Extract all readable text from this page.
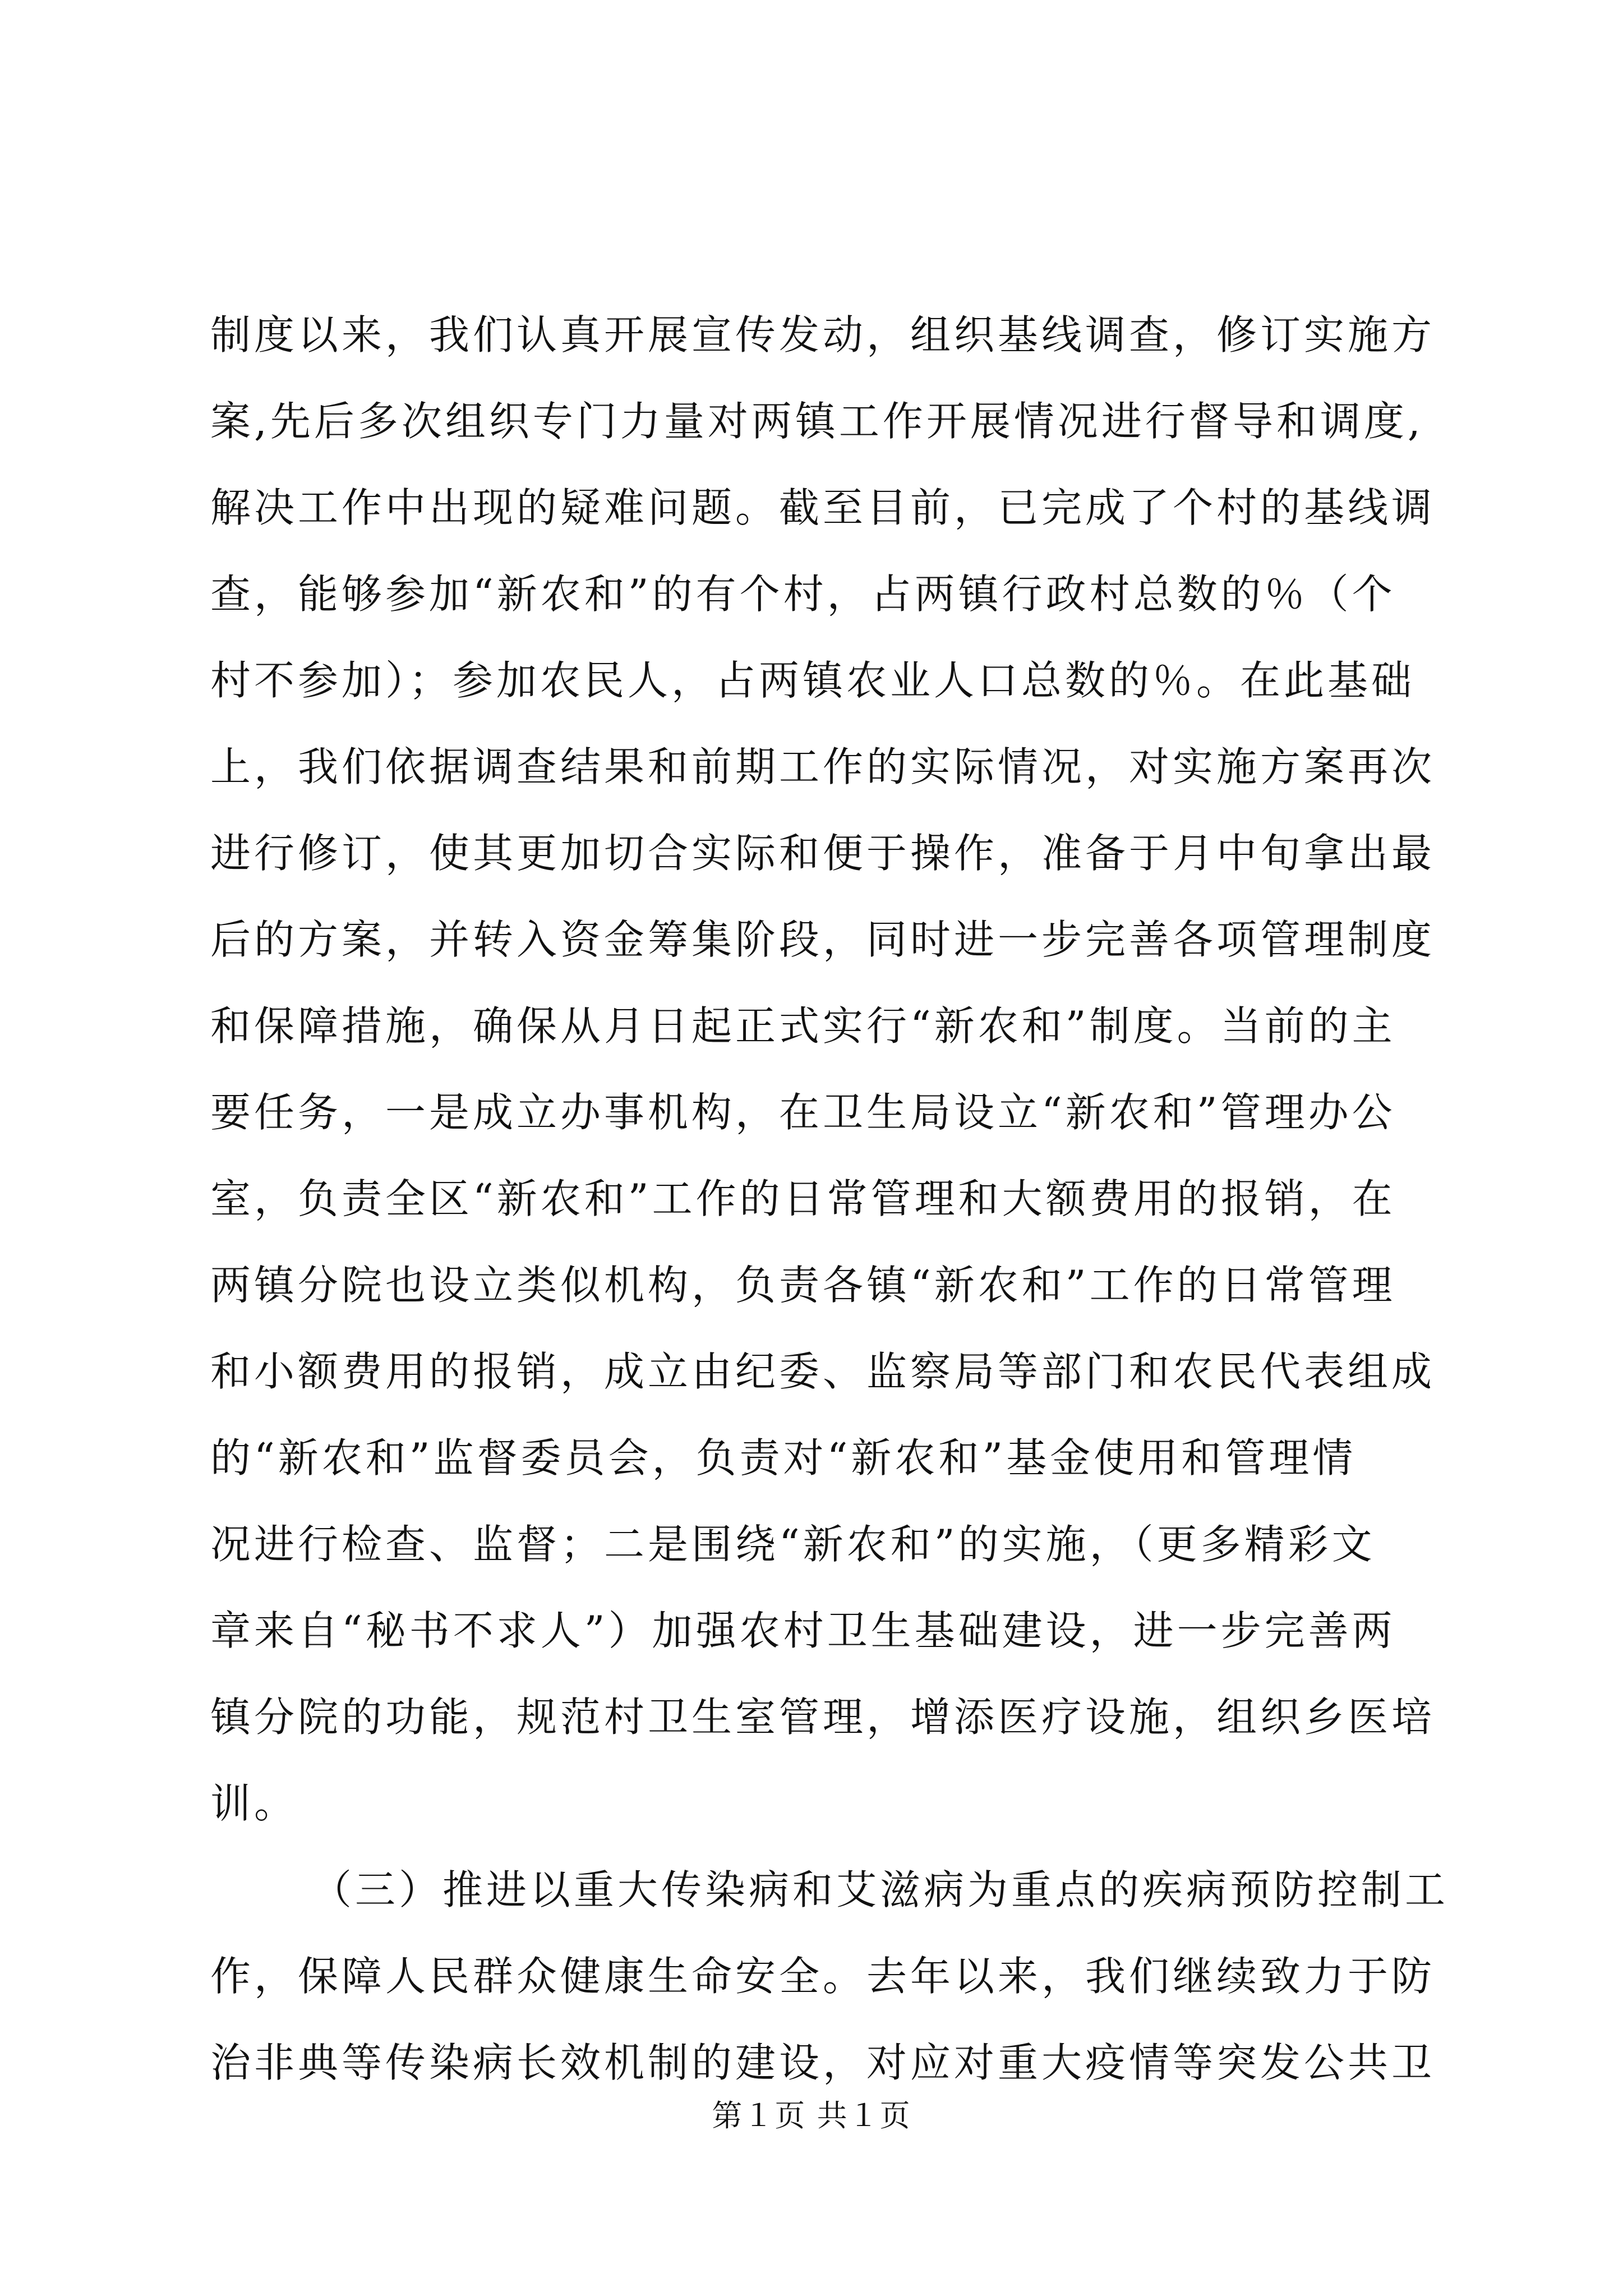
制度以来，我们认真开展宣传发动，组织基线调查，修订实施方
案,先后多次组织专门力量对两镇工作开展情况进行督导和调度,
解决工作中出现的疑难问题。截至目前，已完成了个村的基线调
查，能够参加“新农和”的有个村，占两镇行政村总数的％（个
村不参加）；参加农民人，占两镇农业人口总数的％。在此基础
上，我们依据调查结果和前期工作的实际情况，对实施方案再次
进行修订，使其更加切合实际和便于操作，准备于月中旬拿出最
后的方案，并转入资金筹集阶段，同时进一步完善各项管理制度
和保障措施，确保从月日起正式实行“新农和”制度。当前的主
要任务，一是成立办事机构，在卫生局设立“新农和”管理办公
室，负责全区“新农和”工作的日常管理和大额费用的报销，在
两镇分院也设立类似机构，负责各镇“新农和”工作的日常管理
和小额费用的报销，成立由纪委、监察局等部门和农民代表组成
的“新农和”监督委员会，负责对“新农和”基金使用和管理情
况进行检查、监督；二是围绕“新农和”的实施，（更多精彩文
章来自“秘书不求人”）加强农村卫生基础建设，进一步完善两
镇分院的功能，规范村卫生室管理，增添医疗设施，组织乡医培
训。
（三）推进以重大传染病和艾滋病为重点的疾病预防控制工
作，保障人民群众健康生命安全。去年以来，我们继续致力于防
治非典等传染病长效机制的建设，对应对重大疫情等突发公共卫
第１页 共１页
